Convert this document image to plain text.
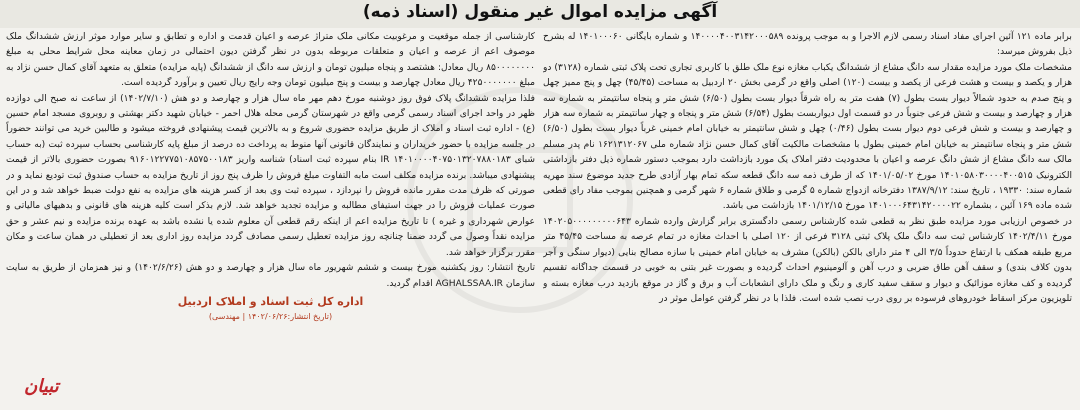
آگهی مزایده اموال غیر منقول (اسناد ذمه)

برابر ماده ۱۲۱ آئین اجرای مفاد اسناد رسمی لازم الاجرا و به موجب پرونده ۱۴۰۰۰۰۴۰۰۳۱۴۲۰۰۰۵۸۹ و شماره بایگانی ۱۴۰۱۰۰۰۶۰ له بشرح ذیل بفروش میرسد:

مشخصات ملک مورد مزایده مقدار سه دانگ مشاع از ششدانگ یکباب مغازه نوع ملک طلق با کاربری تجاری تحت پلاک ثبتی شماره (۳۱۲۸) دو هزار و یکصد و بیست و هشت فرعی از یکصد و بیست (۱۲۰) اصلی واقع در گرمی بخش ۲۰ اردبیل به مساحت (۴۵/۴۵) چهل و پنج ممیز چهل و پنج صدم به حدود شمالاً دیوار بست بطول (۷) هفت متر به راه شرقاً دیوار بست بطول (۶/۵۰) شش متر و پنجاه سانتیمتر به شماره سه هزار و چهارصد و بیست و شش فرعی جنوباً در دو قسمت اول دیواربست بطول (۶/۵۴) شش متر و پنجاه و چهار سانتیمتر به شماره سه هزار و چهارصد و بیست و شش فرعی دوم دیوار بست بطول (۰/۴۶) چهل و شش سانتیمتر به خیابان امام خمینی غرباً دیوار بست بطول (۶/۵۰) شش متر و پنجاه سانتیمتر به خیابان امام خمینی بطول با مشخصات مالکیت آقای کمال حسن نژاد شماره ملی ۱۶۲۱۳۱۲۰۶۷ نام پدر مسلم مالک سه دانگ مشاع از شش دانگ عرصه و اعیان با محدودیت دفتر املاک یک مورد بازداشت دارد بموجب دستور شماره ذیل دفتر بازداشتی الکترونیک ۱۴۰۱۰۵۸۰۳۰۰۰۰۴۰۰۵۱۵ مورخ ۱۴۰۱/۰۵/۰۲ که از طرف ذمه سه دانگ قطعه سکه تمام بهار آزادی طرح جدید موضوع سند مهریه شماره سند: ۱۹۳۳۰ ، تاریخ سند: ۱۳۸۷/۹/۱۲ دفترخانه ازدواج شماره ۵ گرمی و طلاق شماره ۶ شهر گرمی و همچنین بموجب مفاد رای قطعی شده ماده ۱۶۹ آئین ، بشماره ۱۴۰۱۰۰۰۶۴۳۱۴۲۰۰۰۰۲۲ مورخ ۱۴۰۱/۱۲/۱۵ بازداشت می باشد.

در خصوص ارزیابی مورد مزایده طبق نظر به قطعی شده کارشناس رسمی دادگستری برابر گزارش وارده شماره ۱۴۰۲۰۵۰۰۰۰۰۰۰۰۰۶۴۳ مورخ ۱۴۰۲/۴/۱۱ کارشناس ثبت سه دانگ ملک پلاک ثبتی ۳۱۲۸ فرعی از ۱۲۰ اصلی با احداث مغازه در تمام عرصه به مساحت ۴۵/۴۵ متر مربع طبقه همکف با ارتفاع حدوداً ۳/۵ الی ۴ متر دارای بالکن (بالکن) مشرف به خیابان امام خمینی با سازه مصالح بنایی (دیوار سنگی و آجر بدون کلاف بندی) و سقف آهن طاق ضربی و درب آهن و آلومینیوم احداث گردیده و بصورت غیر بتنی به خوبی در قسمت جداگانه تقسیم گردیده و کف مغازه موزائیک و دیوار و سقف سفید کاری و رنگ و ملک دارای انشعابات آب و برق و گاز در موقع بازدید درب مغازه بسته و تلویزیون مرکز اسقاط خودروهای فرسوده بر روی درب نصب شده است. فلذا با در نظر گرفتن عوامل موثر در

کارشناسی از جمله موقعیت و مرغوبیت مکانی ملک متراژ عرصه و اعیان قدمت و اداره و تطابق و سایر موارد موثر ارزش ششدانگ ملک موصوف اعم از عرصه و اعیان و متعلقات مربوطه بدون در نظر گرفتن دیون احتمالی در زمان معاینه محل شرایط محلی به مبلغ ۸۵۰۰۰۰۰۰۰۰ ریال معادل: هشتصد و پنجاه میلیون تومان و ارزش سه دانگ از ششدانگ (پایه مزایده) متعلق به متعهد آقای کمال حسن نژاد به مبلغ ۴۲۵۰۰۰۰۰۰۰ ریال معادل چهارصد و بیست و پنج میلیون تومان وجه رایج ریال تعیین و برآورد گردیده است.

فلذا مزایده ششدانگ پلاک فوق روز دوشنبه مورخ دهم مهر ماه سال هزار و چهارصد و دو هش (۱۴۰۲/۷/۱۰) از ساعت نه صبح الی دوازده ظهر در واحد اجرای اسناد رسمی گرمی واقع در شهرستان گرمی محله هلال احمر - خیابان شهید دکتر بهشتی و روبروی مسجد امام حسین (ع) - اداره ثبت اسناد و املاک از طریق مزایده حضوری شروع و به بالاترین قیمت پیشنهادی فروخته میشود و طالبین خرید می توانند حضوراً در جلسه مزایده با حضور خریداران و نمایندگان قانونی آنها منوط به پرداخت ده درصد از مبلغ پایه کارشناسی بحساب سپرده ثبت (به حساب شبای IR ۱۴۰۱۰۰۰۰۴۰۷۵۰۱۳۲۰۷۸۸۰۱۸۳ بنام سپرده ثبت اسناد) شناسه واریز ۹۱۶۰۱۲۲۷۷۵۱۰۸۵۷۵۰۰۱۸۳ بصورت حضوری بالاتر از قیمت پیشنهادی میباشد. برنده مزایده مکلف است مابه التفاوت مبلغ فروش را ظرف پنج روز از تاریخ مزایده به حساب صندوق ثبت تودیع نماید و در صورتی که ظرف مدت مقرر مانده فروش را نپردازد ، سپرده ثبت وی بعد از کسر هزینه های مزایده به نفع دولت ضبط خواهد شد و در این صورت عملیات فروش را در جهت استیفای مطالبه و مزایده تجدید خواهد شد. لازم بذکر است کلیه هزینه های قانونی و بدهیهای مالیاتی و عوارض شهرداری و غیره ) تا تاریخ مزایده اعم از اینکه رقم قطعی آن معلوم شده یا نشده باشد به عهده برنده مزایده و نیم عشر و حق مزایده نقداً وصول می گردد ضمنا چنانچه روز مزایده تعطیل رسمی مصادف گردد مزایده روز اداری بعد از تعطیلی در همان ساعت و مکان مقرر برگزار خواهد شد.

تاریخ انتشار: روز یکشنبه مورخ بیست و ششم شهریور ماه سال هزار و چهارصد و دو هش (۱۴۰۲/۶/۲۶) و نیز همزمان از طریق به سایت سازمان AGHALSSAA.IR اقدام گردید.

اداره کل ثبت اسناد و املاک اردبیل
(تاریخ انتشار:۱۴۰۲/۰۶/۲۶ | مهندسی)
تبیان
